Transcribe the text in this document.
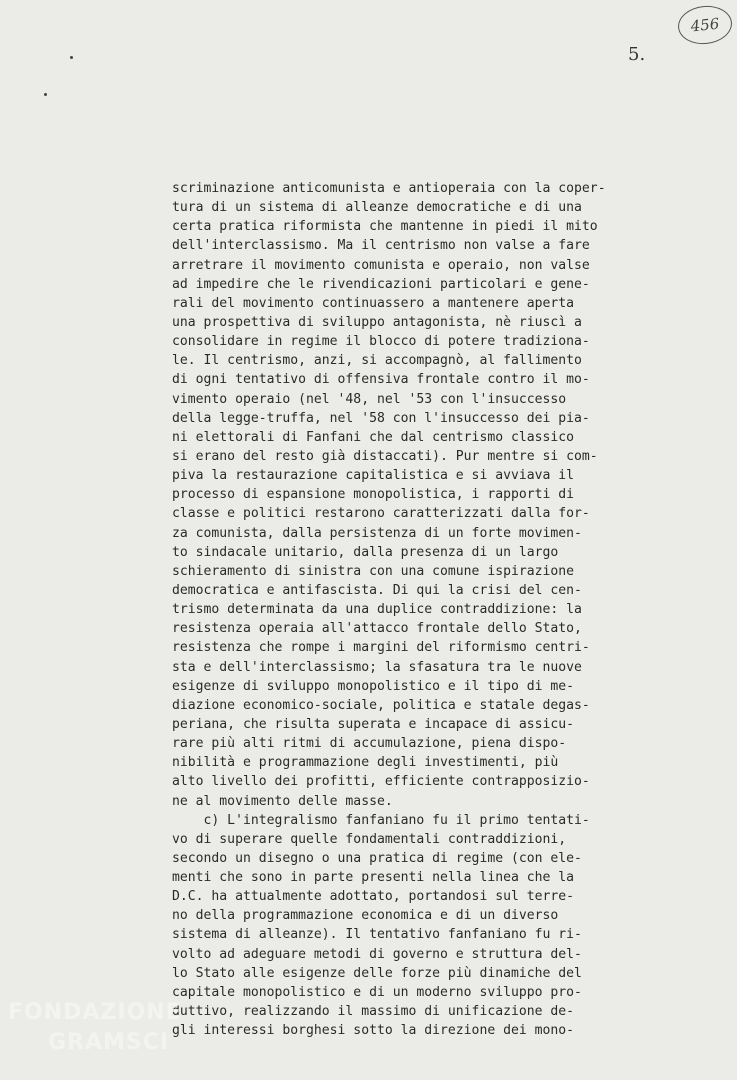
456
5.
scriminazione anticomunista e antioperaia con la coper-
tura di un sistema di alleanze democratiche e di una
certa pratica riformista che mantenne in piedi il mito
dell'interclassismo. Ma il centrismo non valse a fare
arretrare il movimento comunista e operaio, non valse
ad impedire che le rivendicazioni particolari e gene-
rali del movimento continuassero a mantenere aperta
una prospettiva di sviluppo antagonista, nè riuscì a
consolidare in regime il blocco di potere tradiziona-
le. Il centrismo, anzi, si accompagnò, al fallimento
di ogni tentativo di offensiva frontale contro il mo-
vimento operaio (nel '48, nel '53 con l'insuccesso
della legge-truffa, nel '58 con l'insuccesso dei pia-
ni elettorali di Fanfani che dal centrismo classico
si erano del resto già distaccati). Pur mentre si com-
piva la restaurazione capitalistica e si avviava il
processo di espansione monopolistica, i rapporti di
classe e politici restarono caratterizzati dalla for-
za comunista, dalla persistenza di un forte movimen-
to sindacale unitario, dalla presenza di un largo
schieramento di sinistra con una comune ispirazione
democratica e antifascista. Di qui la crisi del cen-
trismo determinata da una duplice contraddizione: la
resistenza operaia all'attacco frontale dello Stato,
resistenza che rompe i margini del riformismo centri-
sta e dell'interclassismo; la sfasatura tra le nuove
esigenze di sviluppo monopolistico e il tipo di me-
diazione economico-sociale, politica e statale degas-
periana, che risulta superata e incapace di assicu-
rare più alti ritmi di accumulazione, piena dispo-
nibilità e programmazione degli investimenti, più
alto livello dei profitti, efficiente contrapposizio-
ne al movimento delle masse.
c) L'integralismo fanfaniano fu il primo tentati-
vo di superare quelle fondamentali contraddizioni,
secondo un disegno o una pratica di regime (con ele-
menti che sono in parte presenti nella linea che la
D.C. ha attualmente adottato, portandosi sul terre-
no della programmazione economica e di un diverso
sistema di alleanze). Il tentativo fanfaniano fu ri-
volto ad adeguare metodi di governo e struttura del-
lo Stato alle esigenze delle forze più dinamiche del
capitale monopolistico e di un moderno sviluppo pro-
duttivo, realizzando il massimo di unificazione de-
gli interessi borghesi sotto la direzione dei mono-
FONDAZIONE
GRAMSCI
